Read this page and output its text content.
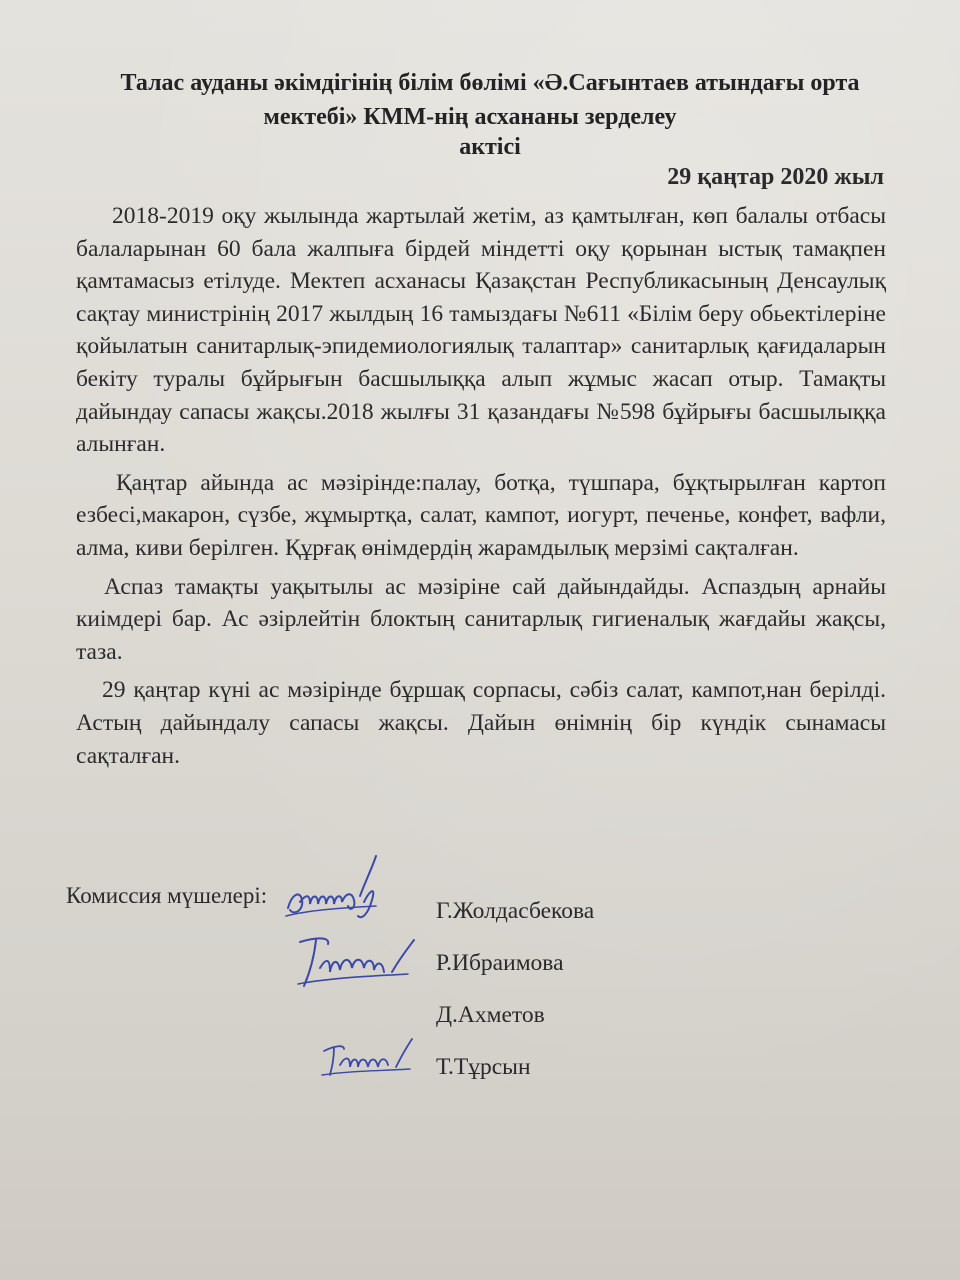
Талас ауданы әкімдігінің білім бөлімі «Ә.Сағынтаев атындағы орта
мектебі» КММ-нің асхананы зерделеу
актісі
29 қаңтар 2020 жыл

2018-2019 оқу жылында жартылай жетім, аз қамтылған, көп балалы отбасы балаларынан 60 бала жалпыға бірдей міндетті оқу қорынан ыстық тамақпен қамтамасыз етілуде. Мектеп асханасы Қазақстан Республикасының Денсаулық сақтау министрінің 2017 жылдың 16 тамыздағы №611 «Білім беру обьектілеріне қойылатын санитарлық-эпидемиологиялық талаптар» санитарлық қағидаларын бекіту туралы бұйрығын басшылыққа алып жұмыс жасап отыр. Тамақты дайындау сапасы жақсы.2018 жылғы 31 қазандағы №598 бұйрығы басшылыққа алынған.

Қаңтар айында ас мәзірінде:палау, ботқа, түшпара, бұқтырылған картоп езбесі,макарон, сүзбе, жұмыртқа, салат, кампот, иогурт, печенье, конфет, вафли, алма, киви берілген. Құрғақ өнімдердің жарамдылық мерзімі сақталған.

Аспаз тамақты уақытылы ас мәзіріне сай дайындайды. Аспаздың арнайы киімдері бар. Ас әзірлейтін блоктың санитарлық гигиеналық жағдайы жақсы, таза.

29 қаңтар күні ас мәзірінде бұршақ сорпасы, сәбіз салат, кампот,нан берілді. Астың дайындалу сапасы жақсы. Дайын өнімнің бір күндік сынамасы сақталған.

Комиссия мүшелері:
Г.Жолдасбекова
Р.Ибраимова
Д.Ахметов
Т.Тұрсын
